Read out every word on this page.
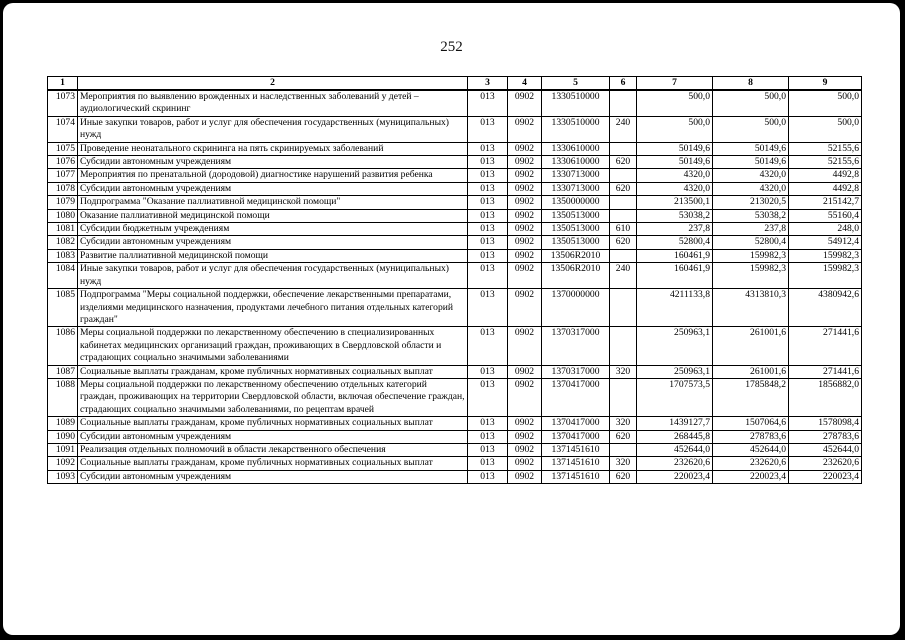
252
1	2	3	4	5	6	7	8	9
1073	Мероприятия по выявлению врожденных и наследственных заболеваний у детей – аудиологический скрининг	013	0902	1330510000		500,0	500,0	500,0
1074	Иные закупки товаров, работ и услуг для обеспечения государственных (муниципальных) нужд	013	0902	1330510000	240	500,0	500,0	500,0
1075	Проведение неонатального скрининга на пять скринируемых заболеваний	013	0902	1330610000		50149,6	50149,6	52155,6
1076	Субсидии автономным учреждениям	013	0902	1330610000	620	50149,6	50149,6	52155,6
1077	Мероприятия по пренатальной (дородовой) диагностике нарушений развития ребенка	013	0902	1330713000		4320,0	4320,0	4492,8
1078	Субсидии автономным учреждениям	013	0902	1330713000	620	4320,0	4320,0	4492,8
1079	Подпрограмма "Оказание паллиативной медицинской помощи"	013	0902	1350000000		213500,1	213020,5	215142,7
1080	Оказание паллиативной медицинской помощи	013	0902	1350513000		53038,2	53038,2	55160,4
1081	Субсидии бюджетным учреждениям	013	0902	1350513000	610	237,8	237,8	248,0
1082	Субсидии автономным учреждениям	013	0902	1350513000	620	52800,4	52800,4	54912,4
1083	Развитие паллиативной медицинской помощи	013	0902	13506R2010		160461,9	159982,3	159982,3
1084	Иные закупки товаров, работ и услуг для обеспечения государственных (муниципальных) нужд	013	0902	13506R2010	240	160461,9	159982,3	159982,3
1085	Подпрограмма "Меры социальной поддержки, обеспечение лекарственными препаратами, изделиями медицинского назначения, продуктами лечебного питания отдельных категорий граждан"	013	0902	1370000000		4211133,8	4313810,3	4380942,6
1086	Меры социальной поддержки по лекарственному обеспечению в специализированных кабинетах медицинских организаций граждан, проживающих в Свердловской области и страдающих социально значимыми заболеваниями	013	0902	1370317000		250963,1	261001,6	271441,6
1087	Социальные выплаты гражданам, кроме публичных нормативных социальных выплат	013	0902	1370317000	320	250963,1	261001,6	271441,6
1088	Меры социальной поддержки по лекарственному обеспечению отдельных категорий граждан, проживающих на территории Свердловской области, включая обеспечение граждан, страдающих социально значимыми заболеваниями, по рецептам врачей	013	0902	1370417000		1707573,5	1785848,2	1856882,0
1089	Социальные выплаты гражданам, кроме публичных нормативных социальных выплат	013	0902	1370417000	320	1439127,7	1507064,6	1578098,4
1090	Субсидии автономным учреждениям	013	0902	1370417000	620	268445,8	278783,6	278783,6
1091	Реализация отдельных полномочий в области лекарственного обеспечения	013	0902	1371451610		452644,0	452644,0	452644,0
1092	Социальные выплаты гражданам, кроме публичных нормативных социальных выплат	013	0902	1371451610	320	232620,6	232620,6	232620,6
1093	Субсидии автономным учреждениям	013	0902	1371451610	620	220023,4	220023,4	220023,4
